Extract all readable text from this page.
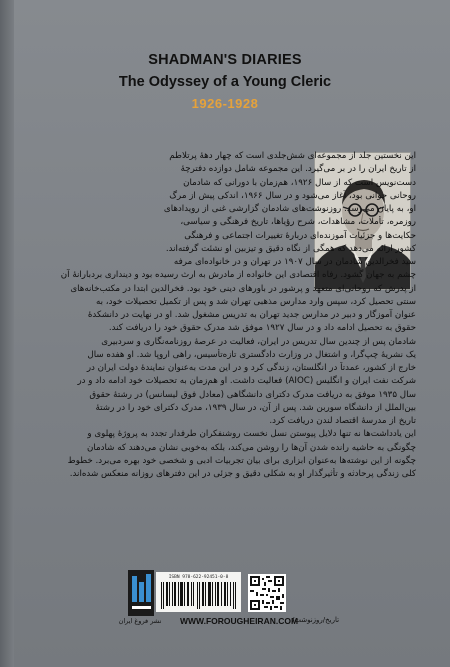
SHADMAN'S DIARIES
The Odyssey of a Young Cleric
1926-1928
این نخستین جلد از مجموعه‌ای شش‌جلدی است که چهار دههٔ پرتلاطم
از تاریخ ایران را در بر می‌گیرد. این مجموعه شامل دوازده دفترچهٔ
دست‌نویس است که از سال ۱۹۲۶، هم‌زمان با دورانی که شادمان
روحانی جوانی بود، آغاز می‌شود و در سال ۱۹۶۶، اندکی پیش از مرگ
او، به پایان می‌رسد. روزنوشت‌های شادمان گزارشی غنی از رویدادهای
روزمره، تأملات، مشاهدات، شرح رؤیاها، تاریخ فرهنگی و سیاسی،
حکایت‌ها و جزئیات آموزنده‌ای دربارهٔ تغییرات اجتماعی و فرهنگی
کشور ارائه می‌دهد که همگی از نگاه دقیق و تیزبین او نشئت گرفته‌اند.
سید فخرالدین شادمان در سال ۱۹۰۷ در تهران و در خانواده‌ای مرفه
چشم به جهان گشود. رفاه اقتصادی این خانواده از مادرش به ارث رسیده بود و دینداری بردبارانهٔ آن
از پدرش که روحانی‌ای متعهد و پرشور در باورهای دینی خود بود. فخرالدین ابتدا در مکتب‌خانه‌های
سنتی تحصیل کرد، سپس وارد مدارس مذهبی تهران شد و پس از تکمیل تحصیلات خود، به
عنوان آموزگار و دبیر در مدارس جدید تهران به تدریس مشغول شد. او در نهایت در دانشکدهٔ
حقوق به تحصیل ادامه داد و در سال ۱۹۲۷ موفق شد مدرک حقوق خود را دریافت کند.
شادمان پس از چندین سال تدریس در ایران، فعالیت در عرصهٔ روزنامه‌نگاری و سردبیری
یک نشریهٔ چپ‌گرا، و اشتغال در وزارت دادگستری تازه‌تأسیس، راهی اروپا شد. او هفده سال
خارج از کشور، عمدتاً در انگلستان، زندگی کرد و در این مدت به‌عنوان نمایندهٔ دولت ایران در
شرکت نفت ایران و انگلیس (AIOC) فعالیت داشت. او هم‌زمان به تحصیلات خود ادامه داد و در
سال ۱۹۳۵ موفق به دریافت مدرک دکترای دانشگاهی (معادل فوق لیسانس) در رشتهٔ حقوق
بین‌الملل از دانشگاه سوربن شد. پس از آن، در سال ۱۹۳۹، مدرک دکترای خود را در رشتهٔ
تاریخ از مدرسهٔ اقتصاد لندن دریافت کرد.
این یادداشت‌ها نه تنها دلایل پیوستن نسل نخست روشنفکران طرفدار تجدد به پروژهٔ پهلوی و
چگونگی به حاشیه رانده شدن آن‌ها را روشن می‌کند، بلکه به‌خوبی نشان می‌دهند که شادمان
چگونه از این نوشته‌ها به‌عنوان ابزاری برای بیان تجربیات ادبی و شخصی خود بهره می‌برد. خطوط
کلی زندگی پرحادثه و تأثیرگذار او به شکلی دقیق و جزئی در این دفترهای روزانه منعکس شده‌اند.
نشر فروغ ایران
ISBN 978-622-92451-0-8
WWW.FOROUGHEIRAN.COM
تاریخ/روزنوشت/
